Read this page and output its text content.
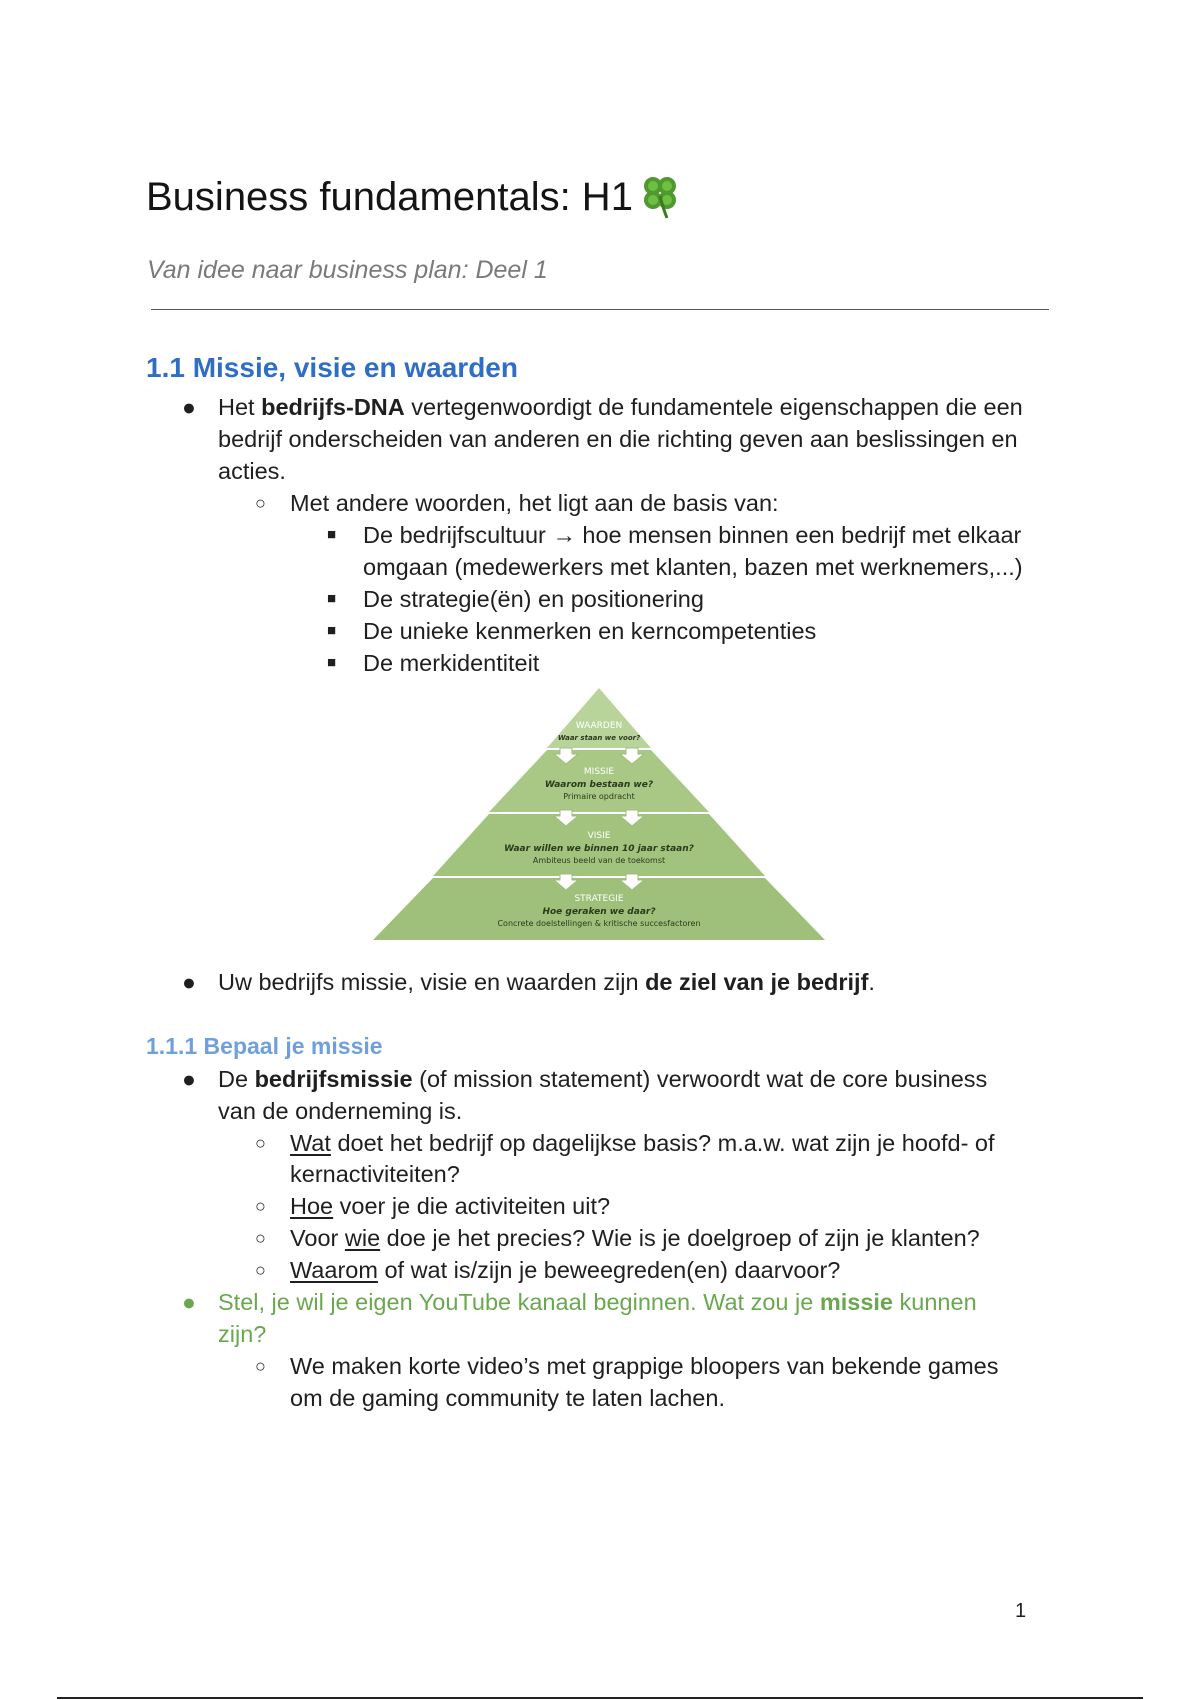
Business fundamentals: H1
Van idee naar business plan: Deel 1
1.1 Missie, visie en waarden
● Het bedrijfs-DNA vertegenwoordigt de fundamentele eigenschappen die een
bedrijf onderscheiden van anderen en die richting geven aan beslissingen en
acties.
○ Met andere woorden, het ligt aan de basis van:
■ De bedrijfscultuur → hoe mensen binnen een bedrijf met elkaar
omgaan (medewerkers met klanten, bazen met werknemers,...)
■ De strategie(ën) en positionering
■ De unieke kenmerken en kerncompetenties
■ De merkidentiteit
WAARDEN
Waar staan we voor?
MISSIE
Waarom bestaan we?
Primaire opdracht
VISIE
Waar willen we binnen 10 jaar staan?
Ambiteus beeld van de toekomst
STRATEGIE
Hoe geraken we daar?
Concrete doelstellingen & kritische succesfactoren
● Uw bedrijfs missie, visie en waarden zijn de ziel van je bedrijf.
1.1.1 Bepaal je missie
● De bedrijfsmissie (of mission statement) verwoordt wat de core business
van de onderneming is.
○ Wat doet het bedrijf op dagelijkse basis? m.a.w. wat zijn je hoofd- of
kernactiviteiten?
○ Hoe voer je die activiteiten uit?
○ Voor wie doe je het precies? Wie is je doelgroep of zijn je klanten?
○ Waarom of wat is/zijn je beweegreden(en) daarvoor?
● Stel, je wil je eigen YouTube kanaal beginnen. Wat zou je missie kunnen
zijn?
○ We maken korte video’s met grappige bloopers van bekende games
om de gaming community te laten lachen.
1
